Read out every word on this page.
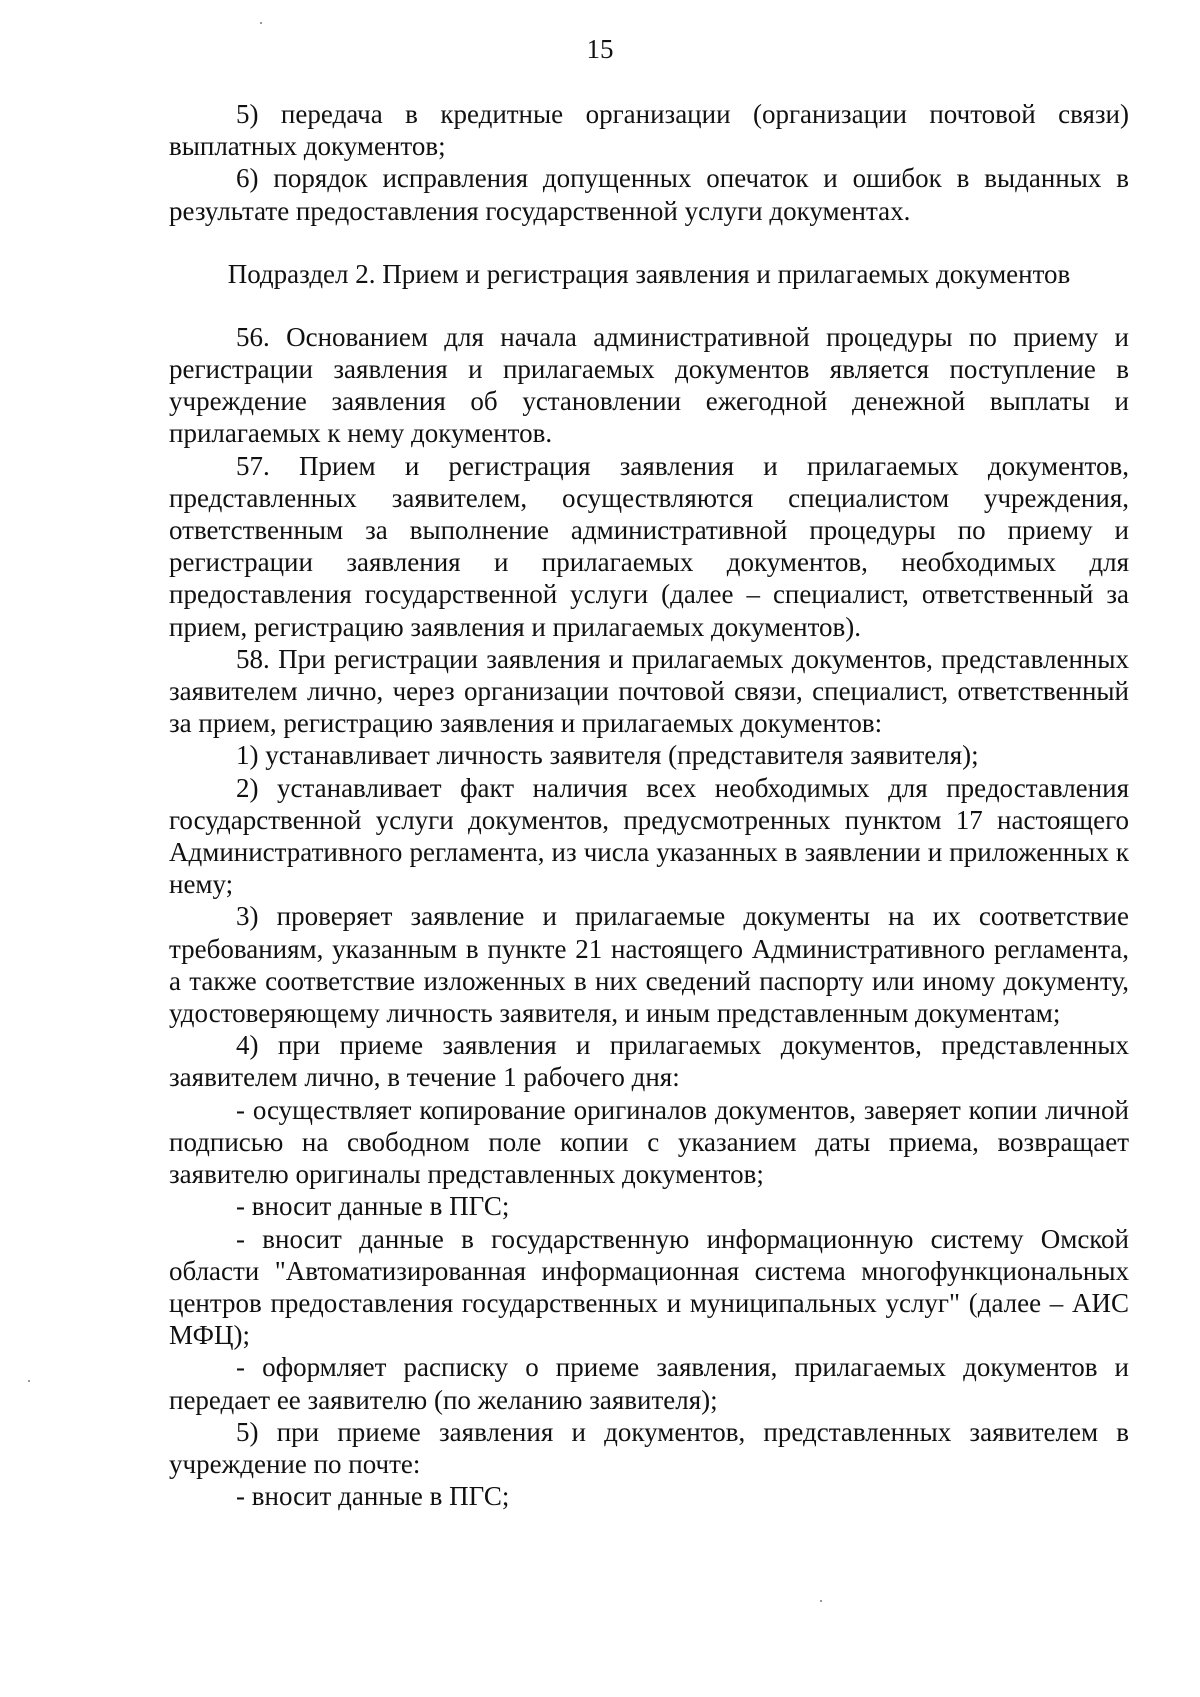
15

5) передача в кредитные организации (организации почтовой связи) выплатных документов;

6) порядок исправления допущенных опечаток и ошибок в выданных в результате предоставления государственной услуги документах.

Подраздел 2. Прием и регистрация заявления и прилагаемых документов

56. Основанием для начала административной процедуры по приему и регистрации заявления и прилагаемых документов является поступление в учреждение заявления об установлении ежегодной денежной выплаты и прилагаемых к нему документов.

57. Прием и регистрация заявления и прилагаемых документов, представленных заявителем, осуществляются специалистом учреждения, ответственным за выполнение административной процедуры по приему и регистрации заявления и прилагаемых документов, необходимых для предоставления государственной услуги (далее – специалист, ответственный за прием, регистрацию заявления и прилагаемых документов).

58. При регистрации заявления и прилагаемых документов, представленных заявителем лично, через организации почтовой связи, специалист, ответственный за прием, регистрацию заявления и прилагаемых документов:

1) устанавливает личность заявителя (представителя заявителя);

2) устанавливает факт наличия всех необходимых для предоставления государственной услуги документов, предусмотренных пунктом 17 настоящего Административного регламента, из числа указанных в заявлении и приложенных к нему;

3) проверяет заявление и прилагаемые документы на их соответствие требованиям, указанным в пункте 21 настоящего Административного регламента, а также соответствие изложенных в них сведений паспорту или иному документу, удостоверяющему личность заявителя, и иным представленным документам;

4) при приеме заявления и прилагаемых документов, представленных заявителем лично, в течение 1 рабочего дня:

- осуществляет копирование оригиналов документов, заверяет копии личной подписью на свободном поле копии с указанием даты приема, возвращает заявителю оригиналы представленных документов;

- вносит данные в ПГС;

- вносит данные в государственную информационную систему Омской области "Автоматизированная информационная система многофункциональных центров предоставления государственных и муниципальных услуг" (далее – АИС МФЦ);

- оформляет расписку о приеме заявления, прилагаемых документов и передает ее заявителю (по желанию заявителя);

5) при приеме заявления и документов, представленных заявителем в учреждение по почте:

- вносит данные в ПГС;
